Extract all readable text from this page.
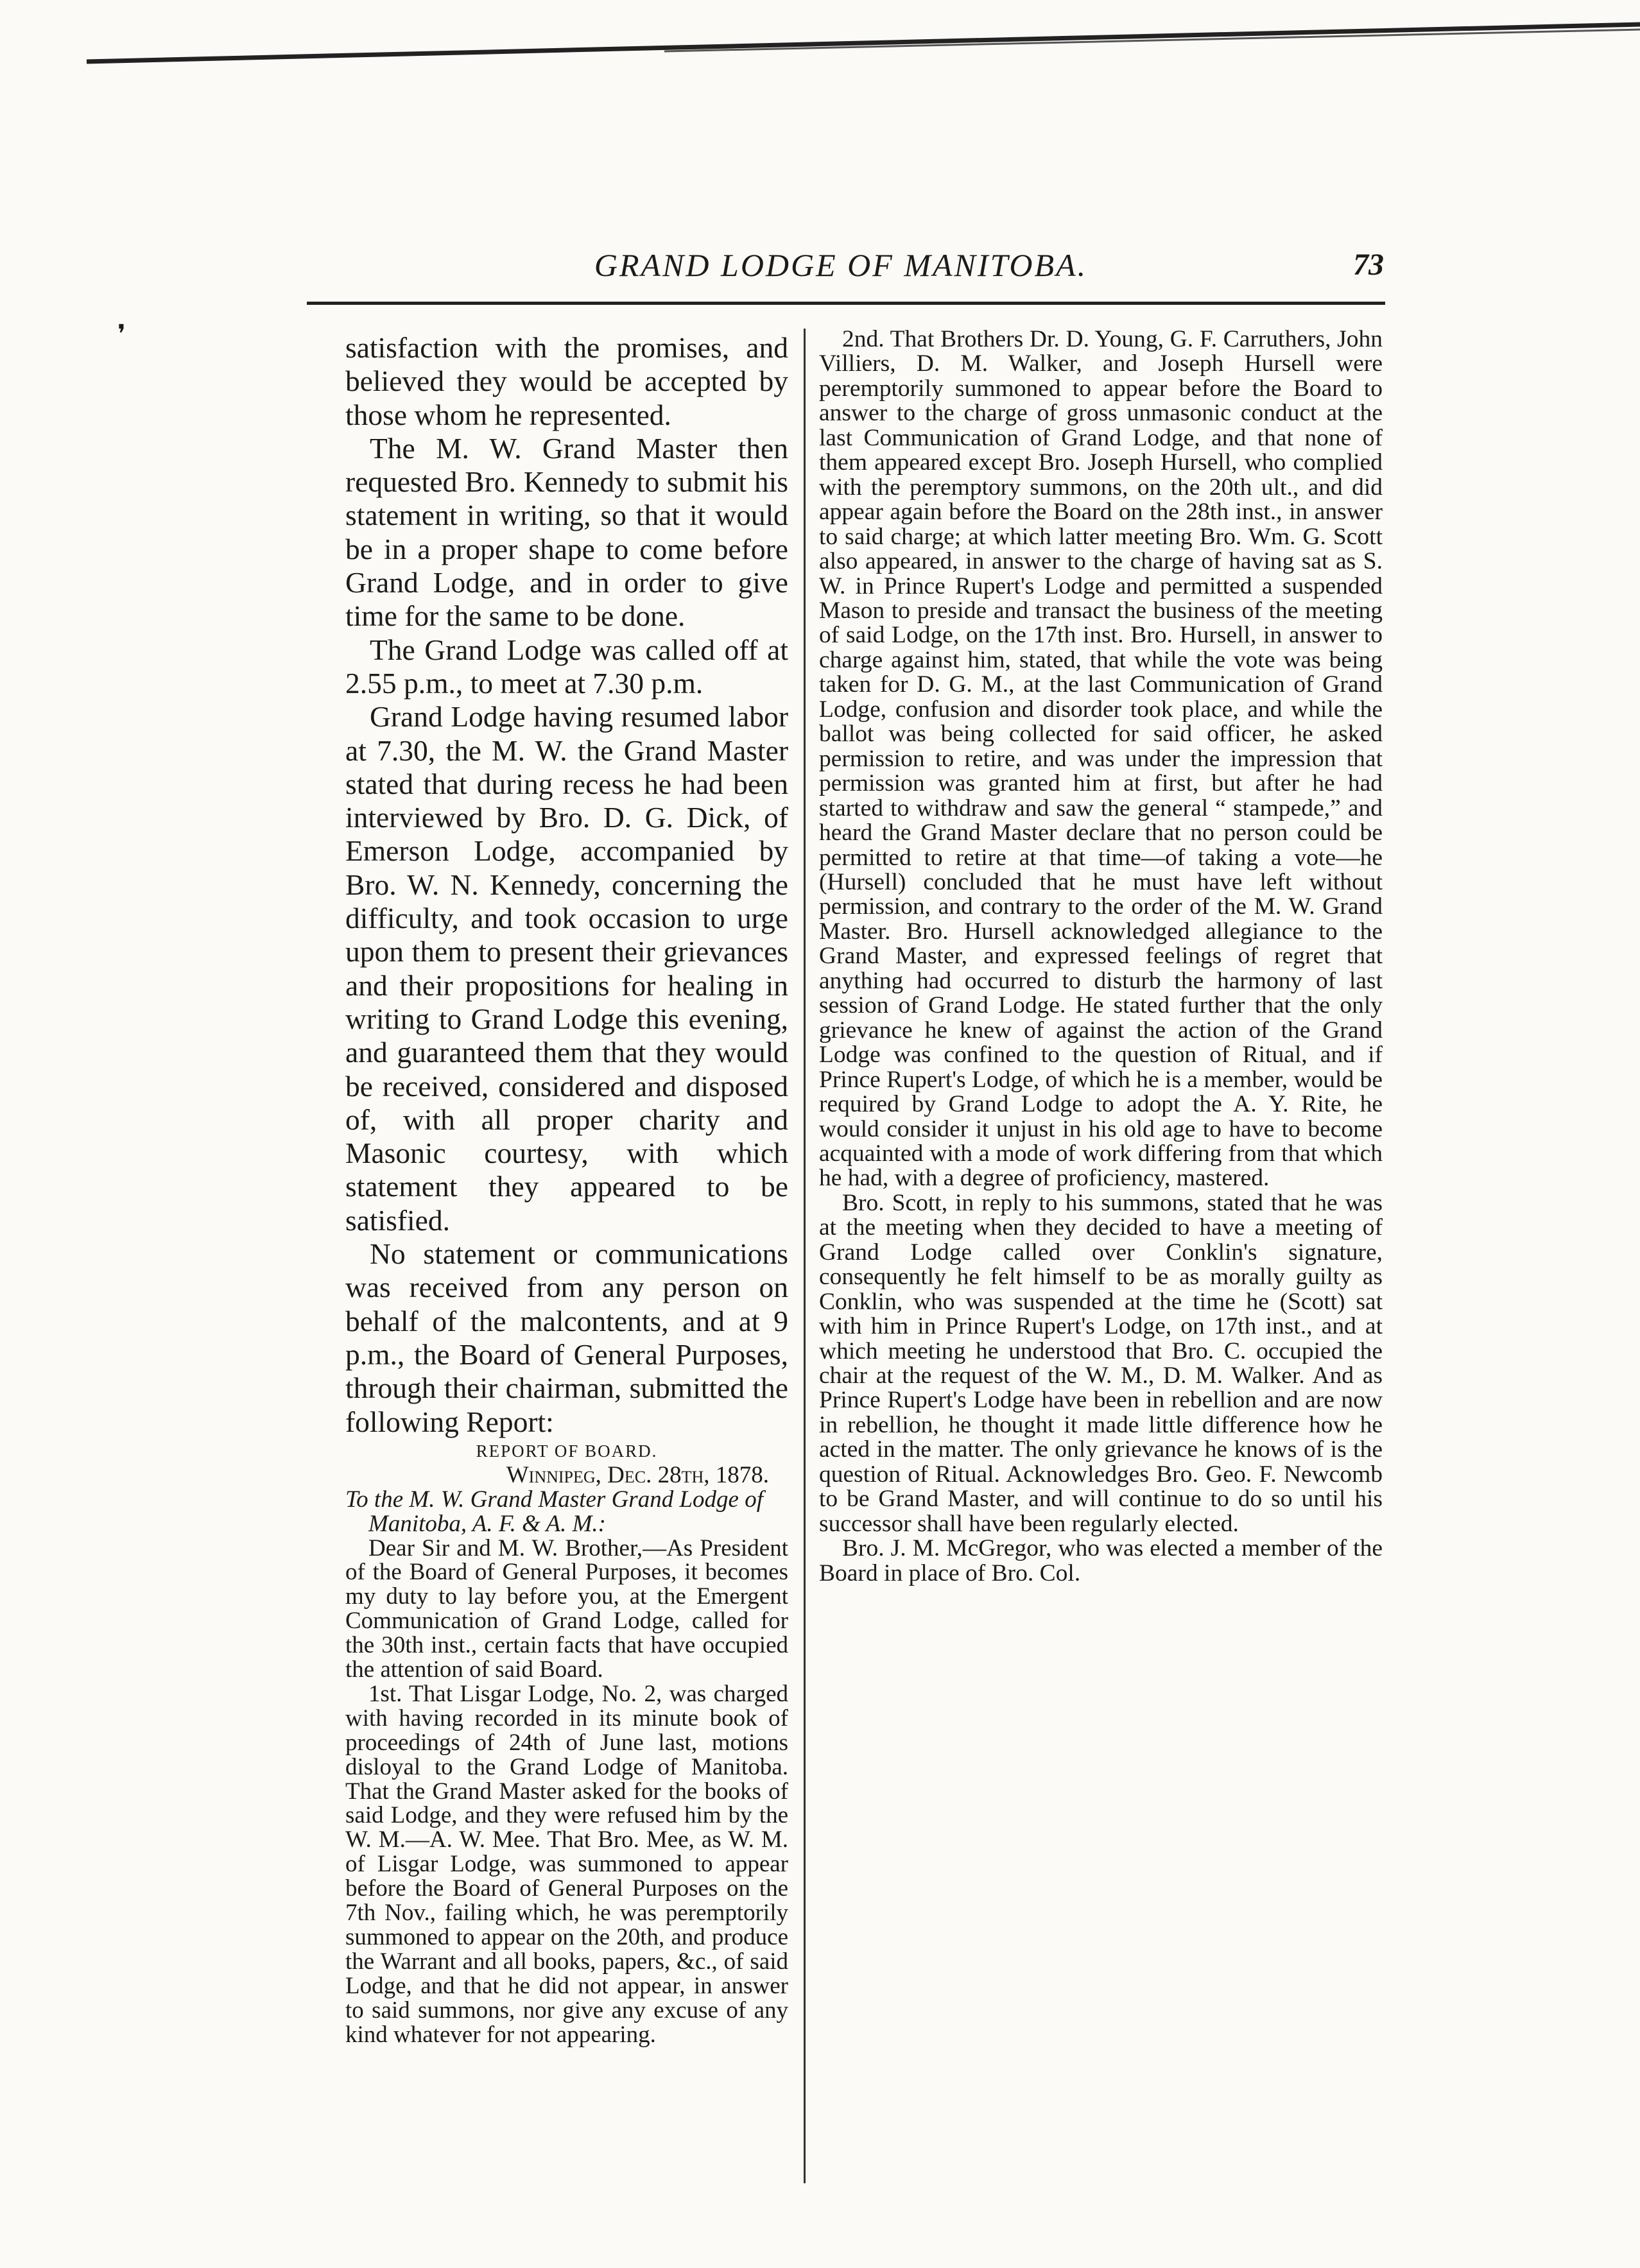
GRAND LODGE OF MANITOBA.	73
❜	satisfaction with the promises, and believed they would be accepted by those whom he represented.

The M. W. Grand Master then requested Bro. Kennedy to submit his statement in writing, so that it would be in a proper shape to come before Grand Lodge, and in order to give time for the same to be done.

The Grand Lodge was called off at 2.55 p.m., to meet at 7.30 p.m.

Grand Lodge having resumed labor at 7.30, the M. W. the Grand Master stated that during recess he had been interviewed by Bro. D. G. Dick, of Emerson Lodge, accompanied by Bro. W. N. Kennedy, concerning the difficulty, and took occasion to urge upon them to present their grievances and their propositions for healing in writing to Grand Lodge this evening, and guaranteed them that they would be received, considered and disposed of, with all proper charity and Masonic courtesy, with which statement they appeared to be satisfied.

No statement or communications was received from any person on behalf of the malcontents, and at 9 p.m., the Board of General Purposes, through their chairman, submitted the following Report:

REPORT OF BOARD.

Winnipeg, Dec. 28th, 1878.

To the M. W. Grand Master Grand Lodge of

Manitoba, A. F. & A. M.:

Dear Sir and M. W. Brother,—As President of the Board of General Purposes, it becomes my duty to lay before you, at the Emergent Communication of Grand Lodge, called for the 30th inst., certain facts that have occupied the attention of said Board.

1st. That Lisgar Lodge, No. 2, was charged with having recorded in its minute book of proceedings of 24th of June last, motions disloyal to the Grand Lodge of Manitoba. That the Grand Master asked for the books of said Lodge, and they were refused him by the W. M.—A. W. Mee. That Bro. Mee, as W. M. of Lisgar Lodge, was summoned to appear before the Board of General Purposes on the 7th Nov., failing which, he was peremptorily summoned to appear on the 20th, and produce the Warrant and all books, papers, &c., of said Lodge, and that he did not appear, in answer to said summons, nor give any excuse of any kind whatever for not appearing.

2nd. That Brothers Dr. D. Young, G. F. Carruthers, John Villiers, D. M. Walker, and Joseph Hursell were peremptorily summoned to appear before the Board to answer to the charge of gross unmasonic conduct at the last Communication of Grand Lodge, and that none of them appeared except Bro. Joseph Hursell, who complied with the peremptory summons, on the 20th ult., and did appear again before the Board on the 28th inst., in answer to said charge; at which latter meeting Bro. Wm. G. Scott also appeared, in answer to the charge of having sat as S. W. in Prince Rupert's Lodge and permitted a suspended Mason to preside and transact the business of the meeting of said Lodge, on the 17th inst. Bro. Hursell, in answer to charge against him, stated, that while the vote was being taken for D. G. M., at the last Communication of Grand Lodge, confusion and disorder took place, and while the ballot was being collected for said officer, he asked permission to retire, and was under the impression that permission was granted him at first, but after he had started to withdraw and saw the general “ stampede,” and heard the Grand Master declare that no person could be permitted to retire at that time—of taking a vote—he (Hursell) concluded that he must have left without permission, and contrary to the order of the M. W. Grand Master. Bro. Hursell acknowledged allegiance to the Grand Master, and expressed feelings of regret that anything had occurred to disturb the harmony of last session of Grand Lodge. He stated further that the only grievance he knew of against the action of the Grand Lodge was confined to the question of Ritual, and if Prince Rupert's Lodge, of which he is a member, would be required by Grand Lodge to adopt the A. Y. Rite, he would consider it unjust in his old age to have to become acquainted with a mode of work differing from that which he had, with a degree of proficiency, mastered.

Bro. Scott, in reply to his summons, stated that he was at the meeting when they decided to have a meeting of Grand Lodge called over Conklin's signature, consequently he felt himself to be as morally guilty as Conklin, who was suspended at the time he (Scott) sat with him in Prince Rupert's Lodge, on 17th inst., and at which meeting he understood that Bro. C. occupied the chair at the request of the W. M., D. M. Walker. And as Prince Rupert's Lodge have been in rebellion and are now in rebellion, he thought it made little difference how he acted in the matter. The only grievance he knows of is the question of Ritual. Acknowledges Bro. Geo. F. Newcomb to be Grand Master, and will continue to do so until his successor shall have been regularly elected.

Bro. J. M. McGregor, who was elected a member of the Board in place of Bro. Col.
